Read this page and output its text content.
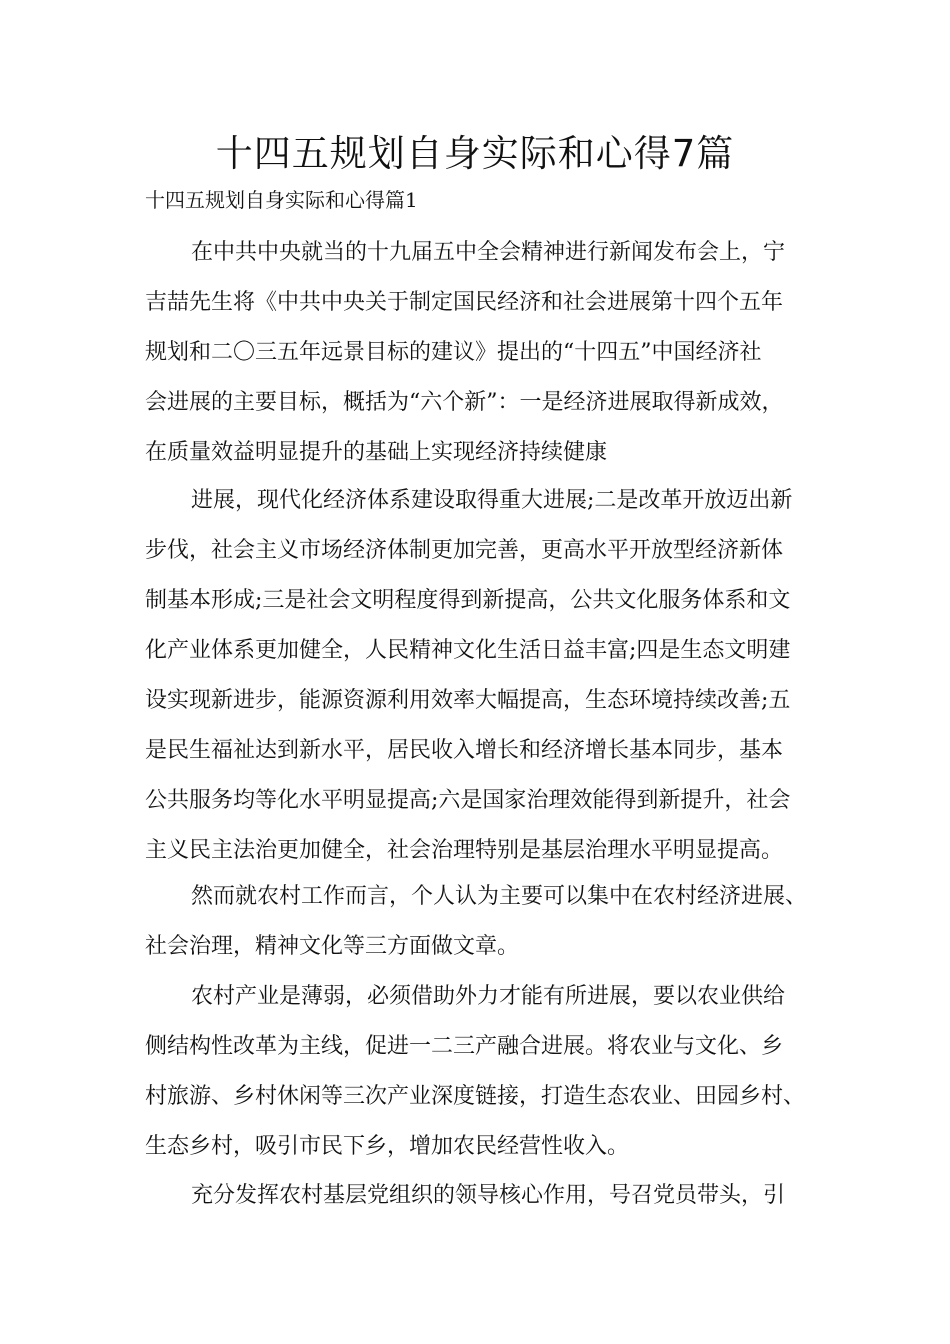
十四五规划自身实际和心得7篇

十四五规划自身实际和心得篇1

在中共中央就当的十九届五中全会精神进行新闻发布会上，宁
吉喆先生将《中共中央关于制定国民经济和社会进展第十四个五年
规划和二〇三五年远景目标的建议》提出的“十四五”中国经济社
会进展的主要目标，概括为“六个新”：一是经济进展取得新成效，
在质量效益明显提升的基础上实现经济持续健康
进展，现代化经济体系建设取得重大进展;二是改革开放迈出新
步伐，社会主义市场经济体制更加完善，更高水平开放型经济新体
制基本形成;三是社会文明程度得到新提高，公共文化服务体系和文
化产业体系更加健全，人民精神文化生活日益丰富;四是生态文明建
设实现新进步，能源资源利用效率大幅提高，生态环境持续改善;五
是民生福祉达到新水平，居民收入增长和经济增长基本同步，基本
公共服务均等化水平明显提高;六是国家治理效能得到新提升，社会
主义民主法治更加健全，社会治理特别是基层治理水平明显提高。
然而就农村工作而言，个人认为主要可以集中在农村经济进展、
社会治理，精神文化等三方面做文章。
农村产业是薄弱，必须借助外力才能有所进展，要以农业供给
侧结构性改革为主线，促进一二三产融合进展。将农业与文化、乡
村旅游、乡村休闲等三次产业深度链接，打造生态农业、田园乡村、
生态乡村，吸引市民下乡，增加农民经营性收入。
充分发挥农村基层党组织的领导核心作用，号召党员带头，引
